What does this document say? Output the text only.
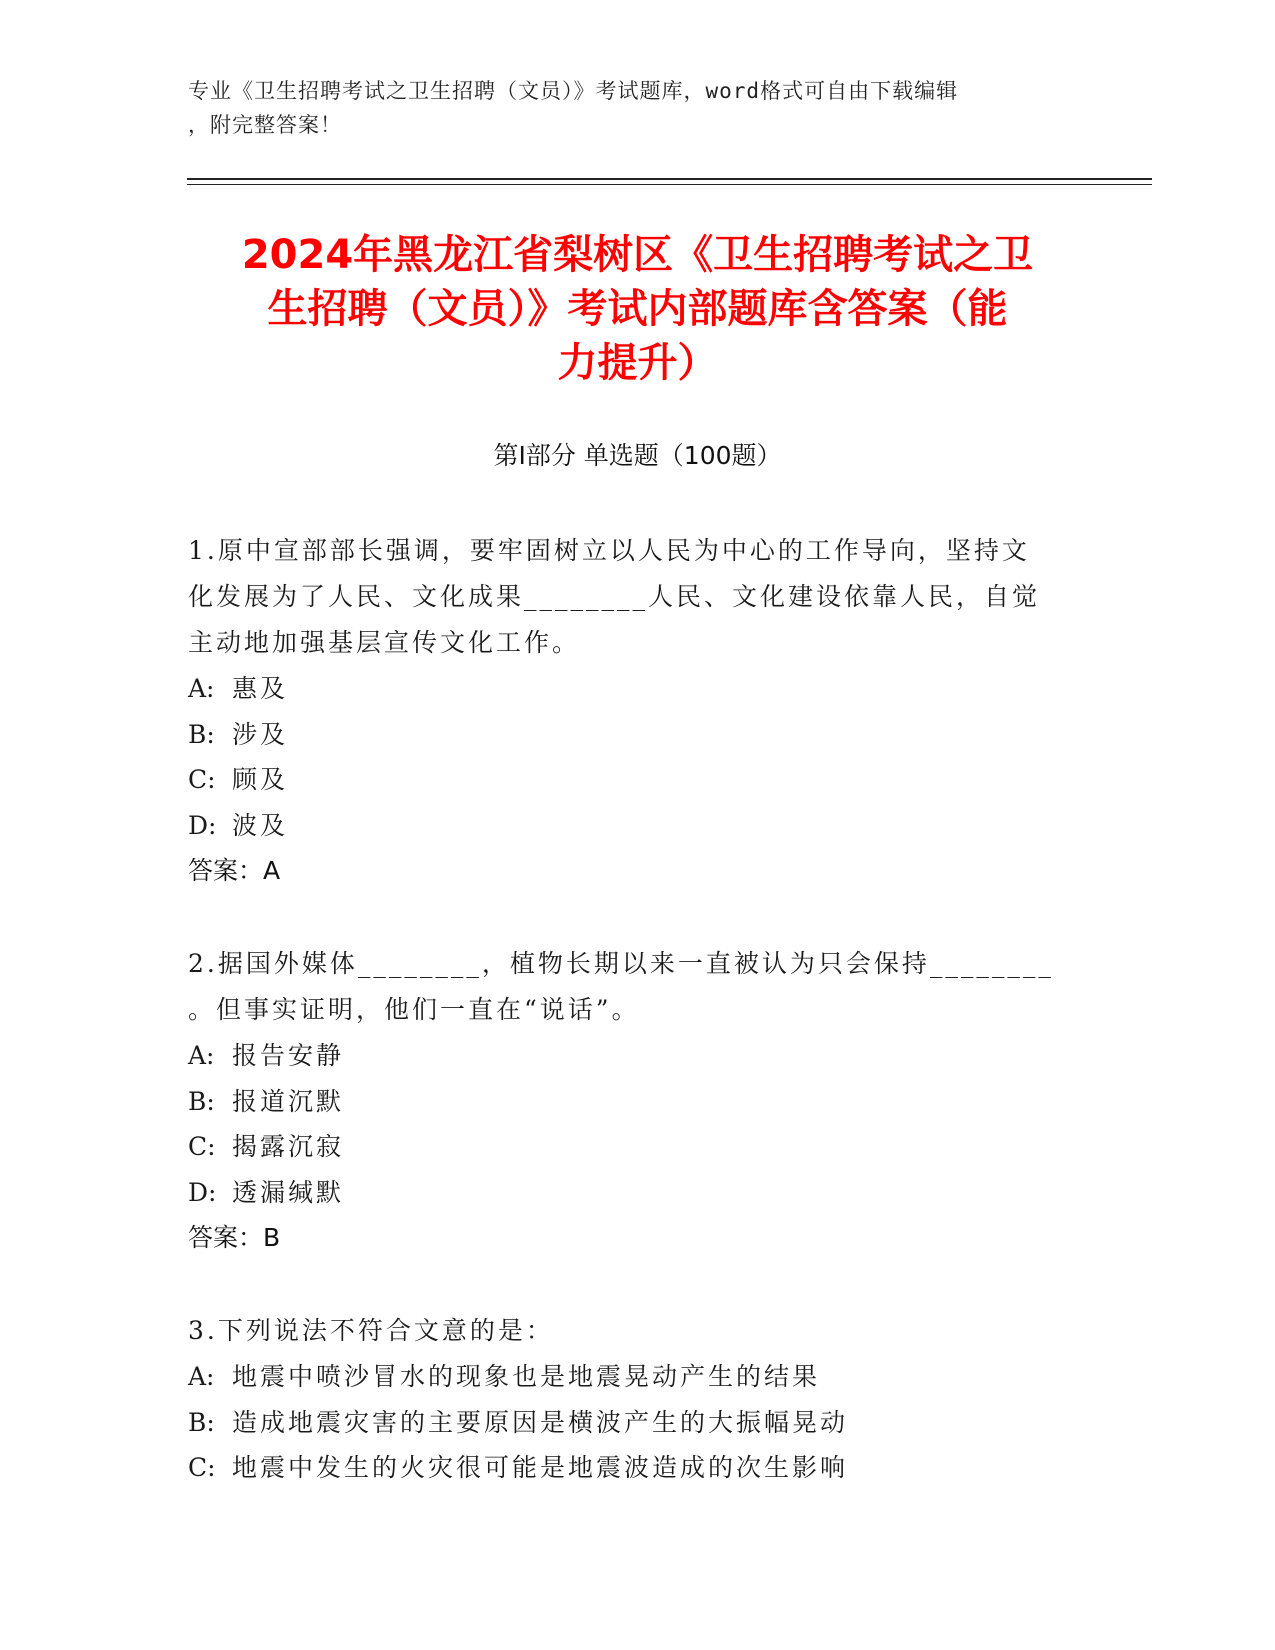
专业《卫生招聘考试之卫生招聘（文员）》考试题库，word格式可自由下载编辑
，附完整答案！
2024年黑龙江省梨树区《卫生招聘考试之卫
生招聘（文员）》考试内部题库含答案（能
力提升）
第Ⅰ部分 单选题（100题）
1.原中宣部部长强调，要牢固树立以人民为中心的工作导向，坚持文
化发展为了人民、文化成果________人民、文化建设依靠人民，自觉
主动地加强基层宣传文化工作。
A: 惠及
B: 涉及
C: 顾及
D: 波及
答案：A
2.据国外媒体________，植物长期以来一直被认为只会保持________
。但事实证明，他们一直在“说话”。
A: 报告安静
B: 报道沉默
C: 揭露沉寂
D: 透漏缄默
答案：B
3.下列说法不符合文意的是：
A: 地震中喷沙冒水的现象也是地震晃动产生的结果
B: 造成地震灾害的主要原因是横波产生的大振幅晃动
C: 地震中发生的火灾很可能是地震波造成的次生影响
